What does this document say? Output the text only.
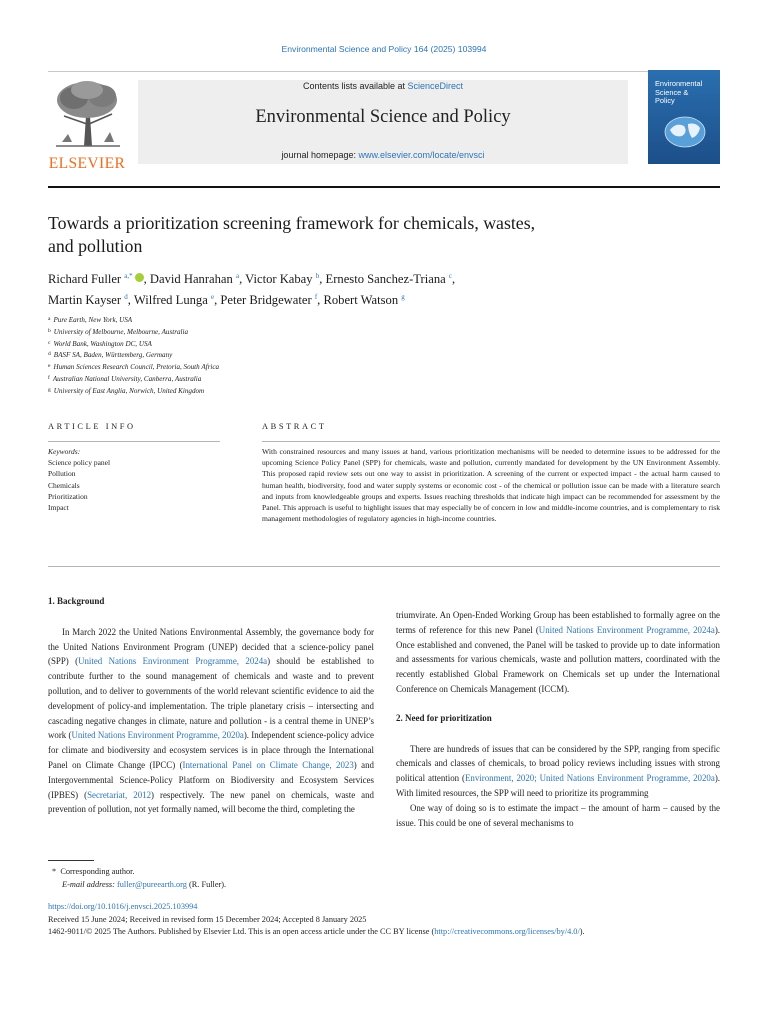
Environmental Science and Policy 164 (2025) 103994
ELSEVIER
Contents lists available at ScienceDirect
Environmental Science and Policy
journal homepage: www.elsevier.com/locate/envsci
Environmental
Science &
Policy
Towards a prioritization screening framework for chemicals, wastes,
and pollution
Richard Fuller $^{a,*}$ , David Hanrahan $^a$, Victor Kabay $^b$, Ernesto Sanchez-Triana $^c$,
Martin Kayser $^d$, Wilfred Lunga $^e$, Peter Bridgewater $^f$, Robert Watson $^g$
$^a$ Pure Earth, New York, USA
$^b$ University of Melbourne, Melbourne, Australia
$^c$ World Bank, Washington DC, USA
$^d$ BASF SA, Baden, Württemberg, Germany
$^e$ Human Sciences Research Council, Pretoria, South Africa
$^f$ Australian National University, Canberra, Australia
$^g$ University of East Anglia, Norwich, United Kingdom
ARTICLE INFO	ABSTRACT
Keywords:
Science policy panel
Pollution
Chemicals
Prioritization
Impact
With constrained resources and many issues at hand, various prioritization mechanisms will be needed to determine issues to be addressed for the upcoming Science Policy Panel (SPP) for chemicals, waste and pollution, currently mandated for development by the UN Environment Assembly. This proposed rapid review sets out one way to assist in prioritization. A screening of the current or expected impact - the actual harm caused to human health, biodiversity, food and water supply systems or economic cost - of the chemical or pollution issue can be made with a literature search and inputs from knowledgeable groups and experts. Issues reaching thresholds that indicate high impact can be recommended for assessment by the Panel. This approach is useful to highlight issues that may especially be of concern in low and middle-income countries, and is complementary to risk management methodologies of regulatory agencies in high-income countries.
1. Background

In March 2022 the United Nations Environmental Assembly, the governance body for the United Nations Environment Program (UNEP) decided that a science-policy panel (SPP) (United Nations Environment Programme, 2024a) should be established to contribute further to the sound management of chemicals and waste and to prevent pollution, and to deliver to governments of the world relevant scientific evidence to aid the development of policy-and implementation. The triple planetary crisis – intersecting and cascading negative changes in climate, nature and pollution - is a central theme in UNEP’s work (United Nations Environment Programme, 2020a). Independent science-policy advice for climate and biodiversity and ecosystem services is in place through the International Panel on Climate Change (IPCC) (International Panel on Climate Change, 2023) and Intergovernmental Science-Policy Platform on Biodiversity and Ecosystem Services (IPBES) (Secretariat, 2012) respectively. The new panel on chemicals, waste and prevention of pollution, not yet formally named, will become the third, completing the

triumvirate. An Open-Ended Working Group has been established to formally agree on the terms of reference for this new Panel (United Nations Environment Programme, 2024a). Once established and convened, the Panel will be tasked to provide up to date information and assessments for various chemicals, waste and pollution matters, coordinated with the recently established Global Framework on Chemicals set up under the International Conference on Chemicals Management (ICCM).

2. Need for prioritization

There are hundreds of issues that can be considered by the SPP, ranging from specific chemicals and classes of chemicals, to broad policy reviews including issues with strong political attention (Environment, 2020; United Nations Environment Programme, 2020a). With limited resources, the SPP will need to prioritize its programming

One way of doing so is to estimate the impact – the amount of harm – caused by the issue. This could be one of several mechanisms to

* Corresponding author.
E-mail address: fuller@pureearth.org (R. Fuller).
https://doi.org/10.1016/j.envsci.2025.103994
Received 15 June 2024; Received in revised form 15 December 2024; Accepted 8 January 2025
1462-9011/© 2025 The Authors. Published by Elsevier Ltd. This is an open access article under the CC BY license (http://creativecommons.org/licenses/by/4.0/).
